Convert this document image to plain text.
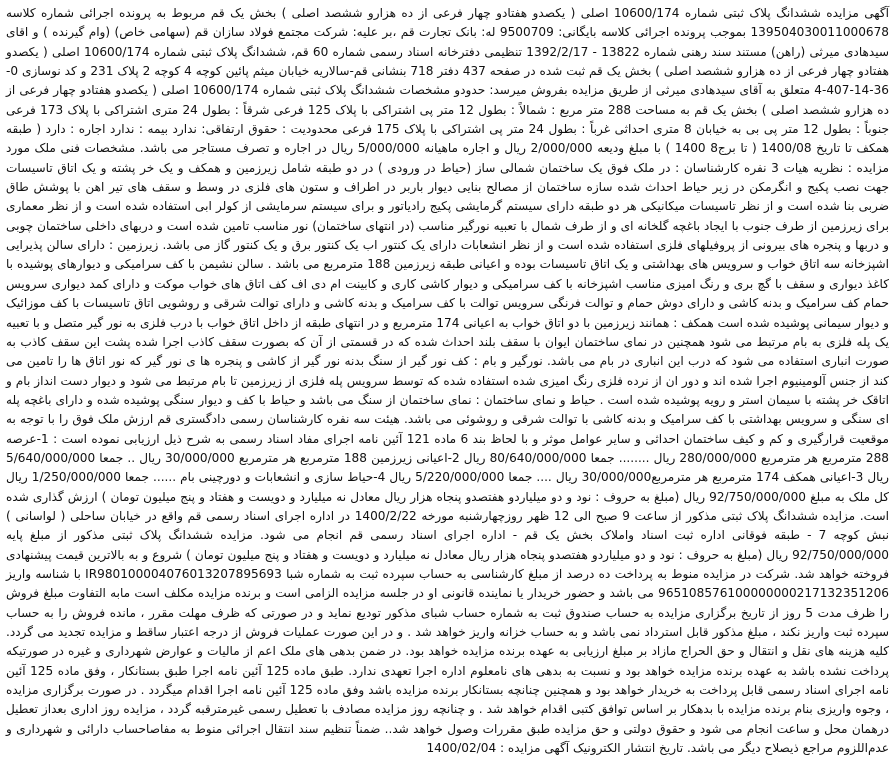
آگهی مزایده ششدانگ پلاک ثبتی شماره 10600/174 اصلی ( یکصدو هفتادو چهار فرعی از ده هزارو ششصد اصلی ) بخش یک قم مربوط به پرونده اجرائی شماره کلاسه 139504030011000678 بموجب پرونده اجرائی کلاسه بایگانی: 9500709 له: بانک تجارت قم ،بر علیه: شرکت مجتمع فولاد سازان قم (سهامی خاص) (وام گیرنده ) و اقای سیدهادی میرثی (راهن) مستند سند رهنی شماره 13822 - 1392/2/17 تنظیمی دفترخانه اسناد رسمی شماره 60 قم، ششدانگ پلاک ثبتی شماره 10600/174 اصلی ( یکصدو هفتادو چهار فرعی از ده هزارو ششصد اصلی ) بخش یک قم ثبت شده در صفحه 437 دفتر 718 بنشانی قم-سالاریه خیابان میثم پائین کوچه 4 کوچه 2 پلاک 231 و کد نوسازی 0-36-14-407-4 متعلق به آقای سیدهادی میرثی از طریق مزایده بفروش میرسد: حدودو مشخصات ششدانگ پلاک ثبتی شماره 10600/174 اصلی ( یکصدو هفتادو چهار فرعی از ده هزارو ششصد اصلی ) بخش یک قم به مساحت 288 متر مربع : شمالاً : بطول 12 متر پی اشتراکی با پلاک 125 فرعی شرقاً : بطول 24 متری اشتراکی با پلاک 173 فرعی جنوباً : بطول 12 متر پی بی به خیابان 8 متری احداثی غرباً : بطول 24 متر پی اشتراکی با پلاک 175 فرعی محدودیت : حقوق ارتفاقی: ندارد بیمه : ندارد اجاره : دارد ( طبقه همکف تا تاریخ 1400/08 ( تا برج8 1400 ) با مبلغ ودیعه 2/000/000 ریال و اجاره ماهیانه 5/000/000 ریال در اجاره و تصرف مستاجر می باشد. مشخصات فنی ملک مورد مزایده : نظریه هیات 3 نفره کارشناسان : در ملک فوق یک ساختمان شمالی ساز (حیاط در ورودی ) در دو طبقه شامل زیرزمین و همکف و یک خر پشته و یک اتاق تاسیسات جهت نصب پکیج و انگرمکن در زیر حیاط احداث شده سازه ساختمان از مصالح بنایی دیوار باربر در اطراف و ستون های فلزی در وسط و سقف های تیر اهن با پوشش طاق ضربی بنا شده است و از نظر تاسیسات میکانیکی هر دو طبقه دارای سیستم گرمایشی پکیج رادیاتور و برای سیستم سرمایشی از کولر ابی استفاده شده است و از نظر معماری برای زیرزمین از طرف جنوب با ایجاد باغچه گلخانه ای و از طرف شمال با تعبیه نورگیر مناسب (در انتهای ساختمان) نور مناسب تامین شده است و دربهای داخلی ساختمان چوبی و دربها و پنجره های بیرونی از پروفیلهای فلزی استفاده شده است و از نظر انشعابات دارای یک کنتور اب یک کنتور برق و یک کنتور گاز می باشد. زیرزمین : دارای سالن پذیرایی اشپزخانه سه اتاق خواب و سرویس های بهداشتی و یک اتاق تاسیسات بوده و اعیانی طبقه زیرزمین 188 مترمربع می باشد . سالن نشیمن با کف سرامیکی و دیوارهای پوشیده با کاغذ دیواری و سقف با گچ بری و رنگ امیزی مناسب اشپزخانه با کف سرامیکی و دیوار کاشی کاری و کابینت ام دی اف کف اتاق های خواب موکت و دارای کمد دیواری سرویس حمام کف سرامیک و بدنه کاشی و دارای دوش حمام و توالت فرنگی سرویس توالت با کف سرامیک و بدنه کاشی و دارای توالت شرقی و روشویی اتاق تاسیسات با کف موزائیک و دیوار سیمانی پوشیده شده است همکف : همانند زیرزمین با دو اتاق خواب به اعیانی 174 مترمربع و در انتهای طبقه از داخل اتاق خواب با درب فلزی به نور گیر متصل و با تعبیه یک پله فلزی به بام مرتبط می شود همچنین در نمای ساختمان ایوان با سقف بلند احداث شده که در قسمتی از آن که بصورت سقف کاذب اجرا شده پشت این سقف کاذب به صورت انباری استفاده می شود که درب این انباری در بام می باشد. نورگیر و بام : کف نور گیر از سنگ بدنه نور گیر از کاشی و پنجره ها ی نور گیر که نور اتاق ها را تامین می کند از جنس آلومینیوم اجرا شده اند و دور ان از نرده فلزی رنگ امیزی شده استفاده شده که توسط سرویس پله فلزی از زیرزمین تا بام مرتبط می شود و دیوار دست انداز بام و اتاقک خر پشته با سیمان استر و رویه پوشیده شده است . حیاط و نمای ساختمان : نمای ساختمان از سنگ می باشد و حیاط با کف و دیوار سنگی پوشیده شده و دارای باغچه پله ای سنگی و سرویس بهداشتی با کف سرامیک و بدنه کاشی با توالت شرقی و روشوئی می باشد. هیئت سه نفره کارشناسان رسمی دادگستری قم ارزش ملک فوق را با توجه به موقعیت قرارگیری و کم و کیف ساختمان احداثی و سایر عوامل موثر و با لحاظ بند 6 ماده 121 آئین نامه اجرای مفاد اسناد رسمی به شرح ذیل ارزیابی نموده است : 1-عرصه 288 مترمربع هر مترمربع 280/000/000 ریال ........ جمعا 80/640/000/000 ریال 2-اعیانی زیرزمین 188 مترمربع هر مترمربع 30/000/000 ریال .. جمعا 5/640/000/000 ریال 3-اعیانی همکف 174 مترمربع هر مترمربع30/000/000 ریال .... جمعا 5/220/000/000 ریال 4-حیاط سازی و انشعابات و دورچینی بام ...... جمعا 1/250/000/000 ریال کل ملک به مبلغ 92/750/000/000 ریال (مبلغ به حروف : نود و دو میلیاردو هفتصدو پنجاه هزار ریال معادل نه میلیارد و دویست و هفتاد و پنج میلیون تومان ) ارزش گذاری شده است. مزایده ششدانگ پلاک ثبتی مذکور از ساعت 9 صبح الی 12 ظهر روزچهارشنبه مورخه 1400/2/22 در اداره اجرای اسناد رسمی قم واقع در خیابان ساحلی ( لواسانی ) نبش کوچه 7 - طبقه فوقانی اداره ثبت اسناد واملاک بخش یک قم - اداره اجرای اسناد رسمی قم انجام می شود. مزایده ششدانگ پلاک ثبتی مذکور از مبلغ پایه 92/750/000/000 ریال (مبلغ به حروف : نود و دو میلیاردو هفتصدو پنجاه هزار ریال معادل نه میلیارد و دویست و هفتاد و پنج میلیون تومان ) شروع و به بالاترین قیمت پیشنهادی فروخته خواهد شد. شرکت در مزایده منوط به پرداخت ده درصد از مبلغ کارشناسی به حساب سپرده ثبت به شماره شبا IR980100004076013207895693 با شناسه واریز 965108576100000000217132351206 می باشد و حضور خریدار یا نماینده قانونی او در جلسه مزایده الزامی است و برنده مزایده مکلف است مابه التفاوت مبلغ فروش را ظرف مدت 5 روز از تاریخ برگزاری مزایده به حساب صندوق ثبت به شماره حساب شبای مذکور تودیع نماید و در صورتی که ظرف مهلت مقرر ، مانده فروش را به حساب سپرده ثبت واریز نکند ، مبلغ مذکور قابل استرداد نمی باشد و به حساب خزانه واریز خواهد شد . و در این صورت عملیات فروش از درجه اعتبار ساقط و مزایده تجدید می گردد. کلیه هزینه های نقل و انتقال و حق الحراج مازاد بر مبلغ ارزیابی به عهده برنده مزایده خواهد بود. در ضمن بدهی های ملک اعم از مالیات و عوارض شهرداری و غیره در صورتیکه پرداخت نشده باشد به عهده برنده مزایده خواهد بود و نسبت به بدهی های نامعلوم اداره اجرا تعهدی ندارد. طبق ماده 125 آئین نامه اجرا طبق بستانکار ، وفق ماده 125 آئین نامه اجرای اسناد رسمی قابل پرداخت به خریدار خواهد بود و همچنین چنانچه بستانکار برنده مزایده باشد وفق ماده 125 آئین نامه اجرا اقدام میگردد . در صورت برگزاری مزایده ، وجوه واریزی بنام برنده مزایده با بدهکار بر اساس توافق کتبی اقدام خواهد شد . و چنانچه روز مزایده مصادف با تعطیل رسمی غیرمترقبه گردد ، مزایده روز اداری بعداز تعطیل درهمان محل و ساعت انجام می شود و حقوق دولتی و حق مزایده طبق مقررات وصول خواهد شد.. ضمناً تنظیم سند انتقال اجرائی منوط به مفاصاحساب دارائی و شهرداری و عدم‌اللزوم مراجع ذیصلاح دیگر می باشد. تاریخ انتشار الکترونیک آگهی مزایده : 1400/02/04
